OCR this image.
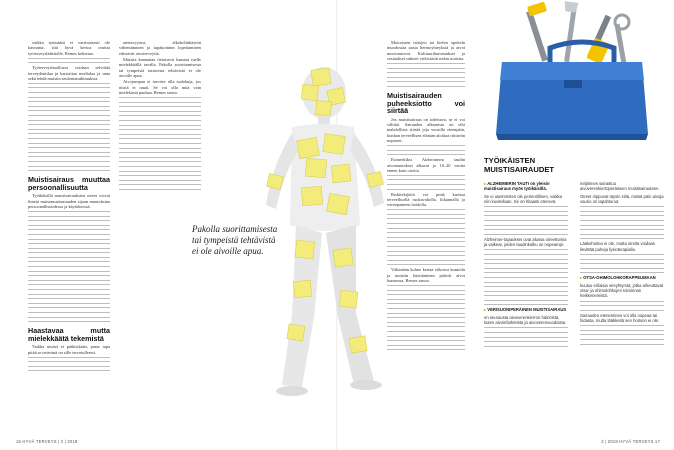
vaikka työmäärä ei varsinaisesti ole kasvanut, sitä hyvä kertoa omista työterveyslääkärille, Remes kehottaa.

Työterveyshuollossa voidaan selvittää terveydentilaa ja kartoittaa mielialaa ja unta sekä tehdä muistin seulontatutkimuksia.

Muistisairaus muuttaa persoonallisuutta

Työikäisillä muistisairauksien oireet voivat ilmetä muistamattomuuden sijaan muutoksina persoonallisuudessa ja käytöksessä.

Haastavaa mutta mielekkäätä tekemistä

Vaikka muisti ei pätkisikään, paras tapa pitää se terävänä on sille tervetulleesti.

aiettavyytesi, alkoholinkäytön vähentäminen ja tupakoinnin lopettaminen edistävät aivoterveyttä.

Muistia kannattaa tietoisesti haastaa tuelle mielekkäällä tavalla. Pakolla suorittamisesta tai tympeistä tuttuvista tehtävistä ei ole aivoille apua.

Aivojumpan ei tarvitse olla sudokuja, jos niistä ei nauti. Se voi olla mitä vain mielekästä puuhaa, Remes sanoo.

Pakolla suorittamisesta tai tympeistä tehtävistä ei ole aivoille apua.

Motoristen taitojen tai kielen opettelu muodostaa uusia hermoyhteyksiä ja aivot muovautuvat. Kulttuuriharrastukset ja sosiaaliset suhteet virkistävät nekin muistia.

Muistisairauden puheeksiotto voi siirtää

Jos muistisairaus on todettava, se ei voi välttää. Sairauden alkamista on silti mahdollista siirtää joja vuosilla eteenpäin, kunhan terveellisen elämän aloittaa riittävän nopeasti.

Esimerkiksi Alzheimerin taudin aivomuutokset alkavat jo 10–20 vuotta ennen kuin oireita.

Riskitekijöitä voi pitää kurissa terveellisellä ruokavaliolla, liikunnalla ja verenpaineen hoidolla.

Vähintään kolme kertaa viikossa kuntoilu ja muistin käyttäminen pitävät aivot kunnossa, Remes sanoo.

TYÖIKÄISTEN MUISTISAIRAUDET

▸ ALZHEIMERIN TAUTI on yleisin muistisairaus myös työikäisillä.

Se ei useimmiten ole perinnöllinen, vaikka niin kuvitellaan. Se on hitaasti etenevä.

Alzheimer-tapaukset ovat alussa oireettomia ja vaikeat, joiden taudinkulku on nopeampi.

▸ VERISUONIPERÄINEN MUISTISAIRAUS

on seurausta aivoverenkierron häiriöistä, kuten aivoinfarkteista ja aivoverenvuodoista.

neljännes sairastuu aivoverenkiertoperäiseen muistisairauteen.

Oireet riippuvat täysin siitä, missä päin aivoja vaurio on tapahtunut.

Lääkehoitoa ei ole, mutta oireita voidaan lievittää puheja fysioterapialla.

▸ OTSA-OHIMOLOHKORAPPEUMAAN

kuuluu erilaisia oireyhtymiä, jotka aiheuttavat otsa- ja ohimolohkojen toiminnan heikkenemistä.

Sairauden eteneminen voi olla nopeaa tai hidasta, mutta lääkkeitä sen hoitoon ei ole.

16 HYVÄ TERVEYS | 2 | 2018	2 | 2018 HYVÄ TERVEYS 17
